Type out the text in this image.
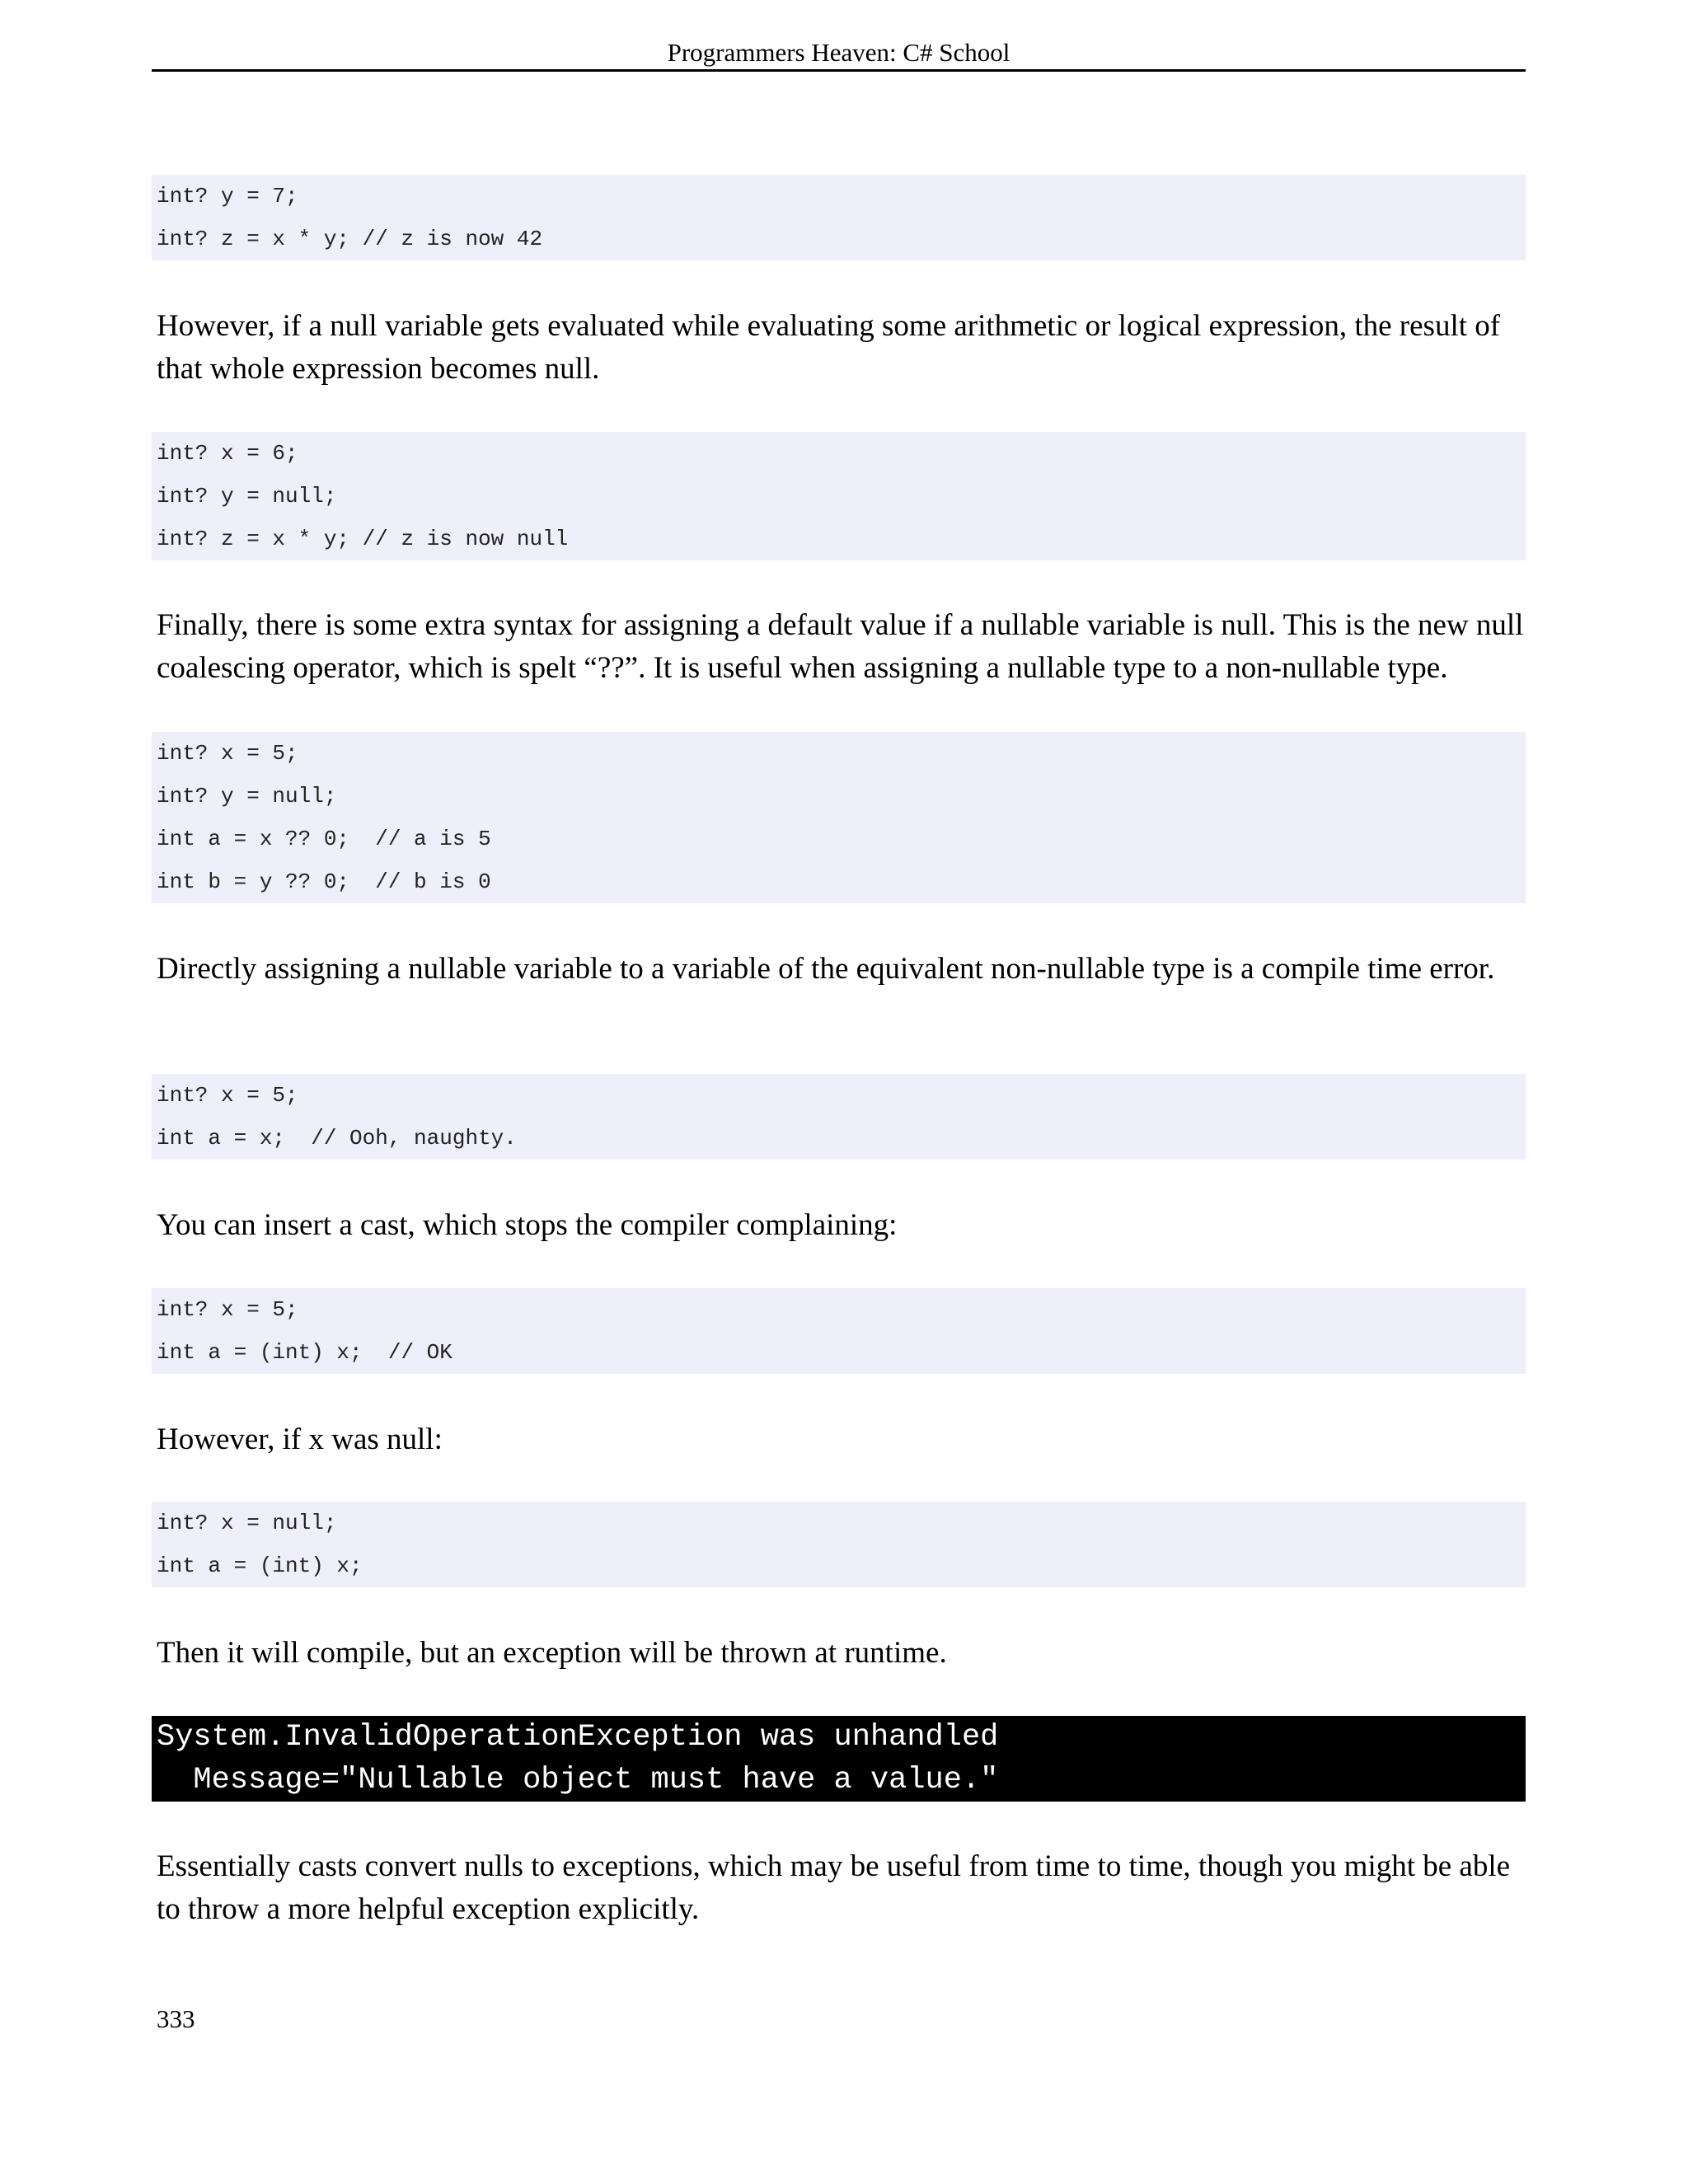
Programmers Heaven: C# School
int? y = 7;
int? z = x * y; // z is now 42

However, if a null variable gets evaluated while evaluating some arithmetic or logical expression, the result of that whole expression becomes null.

int? x = 6;
int? y = null;
int? z = x * y; // z is now null

Finally, there is some extra syntax for assigning a default value if a nullable variable is null. This is the new null coalescing operator, which is spelt “??”. It is useful when assigning a nullable type to a non-nullable type.

int? x = 5;
int? y = null;
int a = x ?? 0;  // a is 5
int b = y ?? 0;  // b is 0

Directly assigning a nullable variable to a variable of the equivalent non-nullable type is a compile time error.

int? x = 5;
int a = x;  // Ooh, naughty.

You can insert a cast, which stops the compiler complaining:

int? x = 5;
int a = (int) x;  // OK

However, if x was null:

int? x = null;
int a = (int) x;

Then it will compile, but an exception will be thrown at runtime.

System.InvalidOperationException was unhandled
Message="Nullable object must have a value."

Essentially casts convert nulls to exceptions, which may be useful from time to time, though you might be able to throw a more helpful exception explicitly.

333
